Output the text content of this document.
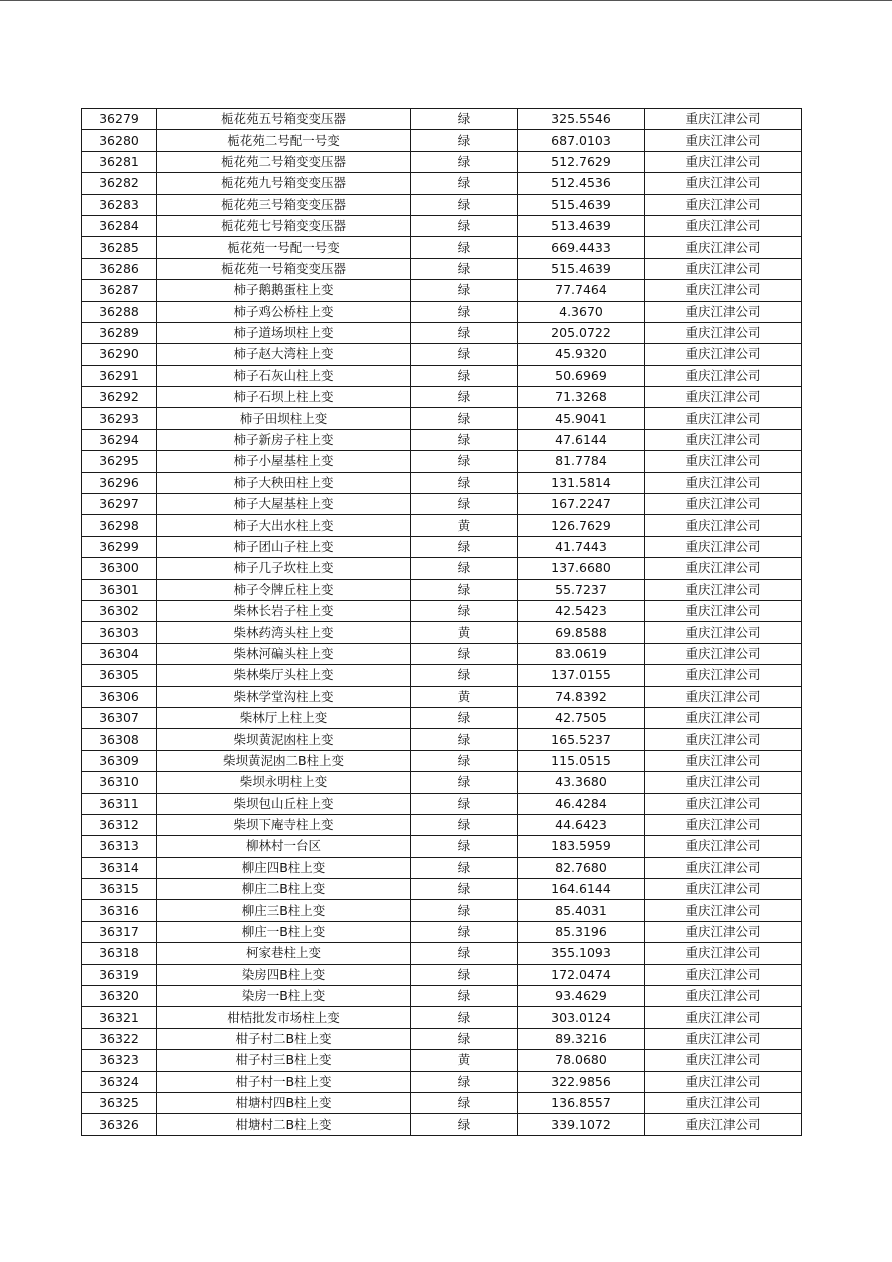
36279	栀花苑五号箱变变压器	绿	325.5546	重庆江津公司
36280	栀花苑二号配一号变	绿	687.0103	重庆江津公司
36281	栀花苑二号箱变变压器	绿	512.7629	重庆江津公司
36282	栀花苑九号箱变变压器	绿	512.4536	重庆江津公司
36283	栀花苑三号箱变变压器	绿	515.4639	重庆江津公司
36284	栀花苑七号箱变变压器	绿	513.4639	重庆江津公司
36285	栀花苑一号配一号变	绿	669.4433	重庆江津公司
36286	栀花苑一号箱变变压器	绿	515.4639	重庆江津公司
36287	柿子鹅鹅蛋柱上变	绿	77.7464	重庆江津公司
36288	柿子鸡公桥柱上变	绿	4.3670	重庆江津公司
36289	柿子道场坝柱上变	绿	205.0722	重庆江津公司
36290	柿子赵大湾柱上变	绿	45.9320	重庆江津公司
36291	柿子石灰山柱上变	绿	50.6969	重庆江津公司
36292	柿子石坝上柱上变	绿	71.3268	重庆江津公司
36293	柿子田坝柱上变	绿	45.9041	重庆江津公司
36294	柿子新房子柱上变	绿	47.6144	重庆江津公司
36295	柿子小屋基柱上变	绿	81.7784	重庆江津公司
36296	柿子大秧田柱上变	绿	131.5814	重庆江津公司
36297	柿子大屋基柱上变	绿	167.2247	重庆江津公司
36298	柿子大出水柱上变	黄	126.7629	重庆江津公司
36299	柿子团山子柱上变	绿	41.7443	重庆江津公司
36300	柿子几子坎柱上变	绿	137.6680	重庆江津公司
36301	柿子令牌丘柱上变	绿	55.7237	重庆江津公司
36302	柴林长岩子柱上变	绿	42.5423	重庆江津公司
36303	柴林药湾头柱上变	黄	69.8588	重庆江津公司
36304	柴林河碥头柱上变	绿	83.0619	重庆江津公司
36305	柴林柴厅头柱上变	绿	137.0155	重庆江津公司
36306	柴林学堂沟柱上变	黄	74.8392	重庆江津公司
36307	柴林厅上柱上变	绿	42.7505	重庆江津公司
36308	柴坝黄泥凼柱上变	绿	165.5237	重庆江津公司
36309	柴坝黄泥凼二B柱上变	绿	115.0515	重庆江津公司
36310	柴坝永明柱上变	绿	43.3680	重庆江津公司
36311	柴坝包山丘柱上变	绿	46.4284	重庆江津公司
36312	柴坝下庵寺柱上变	绿	44.6423	重庆江津公司
36313	柳林村一台区	绿	183.5959	重庆江津公司
36314	柳庄四B柱上变	绿	82.7680	重庆江津公司
36315	柳庄二B柱上变	绿	164.6144	重庆江津公司
36316	柳庄三B柱上变	绿	85.4031	重庆江津公司
36317	柳庄一B柱上变	绿	85.3196	重庆江津公司
36318	柯家巷柱上变	绿	355.1093	重庆江津公司
36319	染房四B柱上变	绿	172.0474	重庆江津公司
36320	染房一B柱上变	绿	93.4629	重庆江津公司
36321	柑桔批发市场柱上变	绿	303.0124	重庆江津公司
36322	柑子村二B柱上变	绿	89.3216	重庆江津公司
36323	柑子村三B柱上变	黄	78.0680	重庆江津公司
36324	柑子村一B柱上变	绿	322.9856	重庆江津公司
36325	柑塘村四B柱上变	绿	136.8557	重庆江津公司
36326	柑塘村二B柱上变	绿	339.1072	重庆江津公司
